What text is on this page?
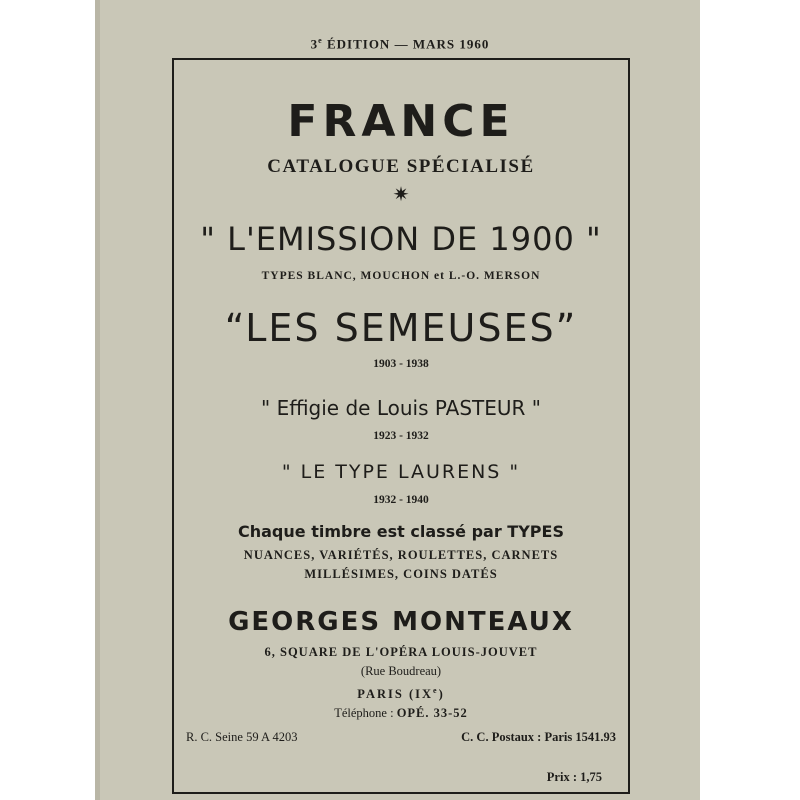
3e ÉDITION — MARS 1960
FRANCE
CATALOGUE SPÉCIALISÉ
✷
" L'EMISSION DE 1900 "
TYPES BLANC, MOUCHON et L.-O. MERSON
“LES SEMEUSES”
1903 - 1938
" Effigie de Louis PASTEUR "
1923 - 1932
" LE TYPE LAURENS "
1932 - 1940
Chaque timbre est classé par TYPES
NUANCES, VARIÉTÉS, ROULETTES, CARNETS
MILLÉSIMES, COINS DATÉS
GEORGES MONTEAUX
6, SQUARE DE L'OPÉRA LOUIS-JOUVET
(Rue Boudreau)
PARIS (IXe)
Téléphone : OPÉ. 33-52
R. C. Seine 59 A 4203	C. C. Postaux : Paris 1541.93
Prix : 1,75
